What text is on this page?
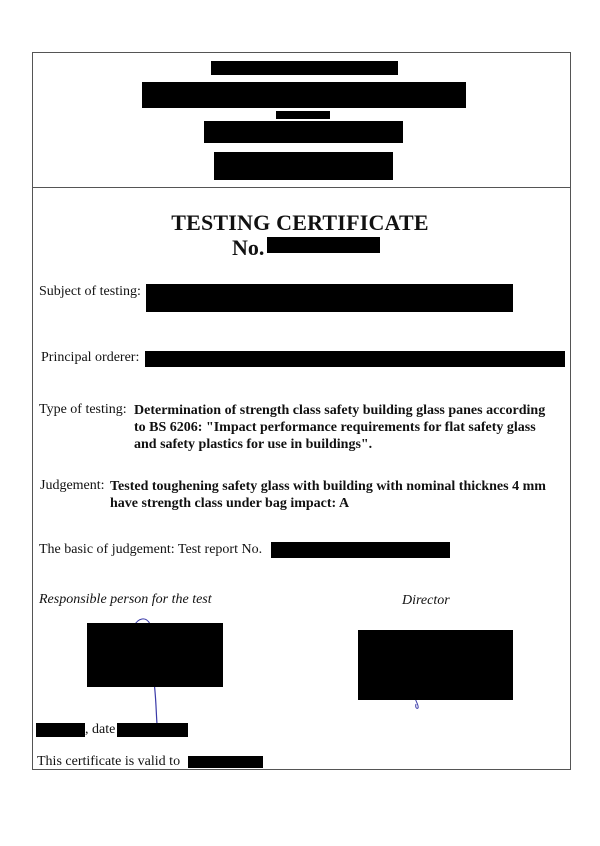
TESTING CERTIFICATE
No.
Subject of testing:
Principal orderer:
Type of testing: Determination of strength class safety building glass panes according
to BS 6206: "Impact performance requirements for flat safety glass
and safety plastics for use in buildings".
Judgement: Tested toughening safety glass with building with nominal thicknes 4 mm
have strength class under bag impact: A
The basic of judgement: Test report No.
Responsible person for the test	Director
, date
This certificate is valid to
